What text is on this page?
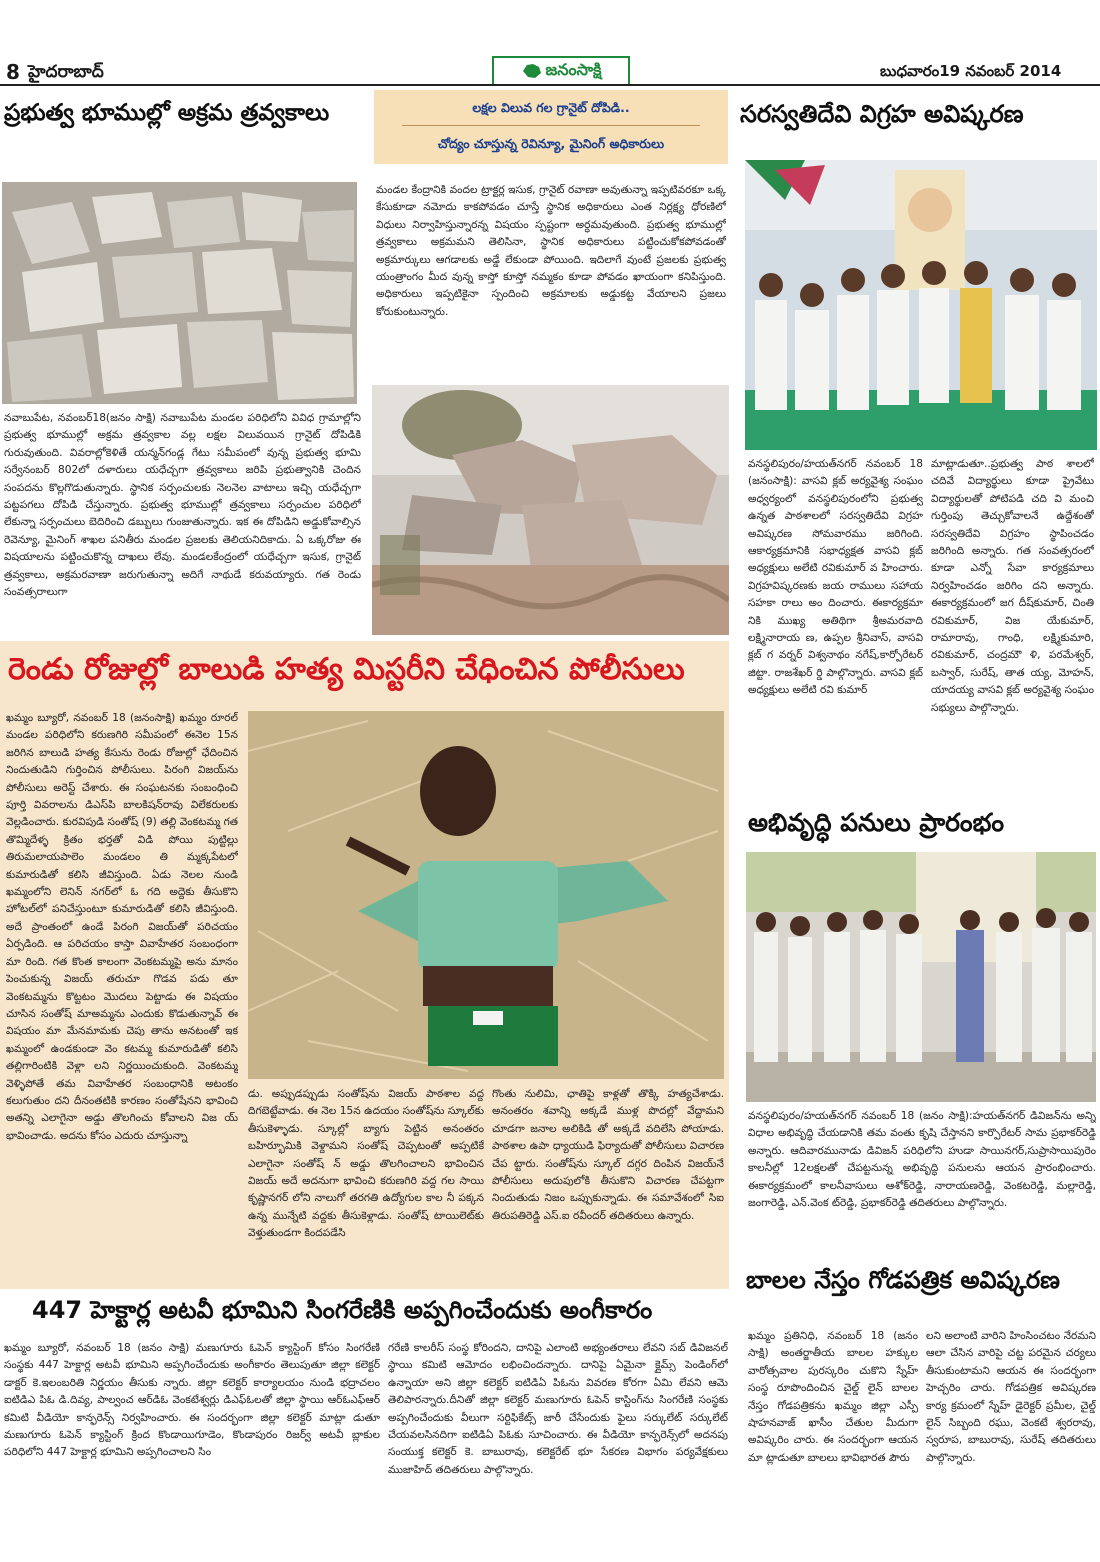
8 హైదరాబాద్‌	జనంసాక్షి	బుధవారం19 నవంబర్‌ 2014
ప్రభుత్వ భూముల్లో అక్రమ త్రవ్వకాలు	లక్షల విలువ గల గ్రానైట్‌ దోపిడి..
చోద్యం చూస్తున్న రెవిన్యూ, మైనింగ్‌ అధికారులు
నవాబుపేట, నవంబర్‌18(జనం సాక్షి) నవాబుపేట మండల పరిధిలోని వివిధ గ్రామాల్లోని ప్రభుత్వ భూముల్లో అక్రమ త్రవ్వకాల వల్ల లక్షల విలువయిన గ్రానైట్‌ దోపిడికి గురువుతుంది. వివరాల్లోకెళితే యన్మన్‌గండ్ల గేటు సమీపంలో వున్న ప్రభుత్వ భూమి సర్వేనంబర్‌ 802లో దళారులు యధేచ్చగా త్రవ్వకాలు జరిపి ప్రభుత్వానికి చెందిన సంపదను కొల్లగొడుతున్నారు. స్థానిక సర్పంచులకు నెలనెల వాటాలు ఇచ్చి యధేచ్చగా పట్టపగలు దోపిడి చేస్తున్నారు. ప్రభుత్వ భూముల్లో త్రవ్వకాలు సర్పంచుల పరిధిలో లేకున్నా సర్పంచులు బెదిరించి డబ్బులు గుంజుతున్నారు. ఇక ఈ దోపిడిని అడ్డుకోవాల్సిన రెవెన్యూ, మైనింగ్‌ శాఖల పనితీరు మండల ప్రజలకు తెలియనిదికాదు. ఏ ఒక్కరోజు ఈ విషయాలను పట్టించుకొన్న దాఖలు లేవు. మండలకేంద్రంలో యధేచ్చగా ఇసుక, గ్రానైట్‌ త్రవ్వకాలు, అక్రమరవాణా జరుగుతున్నా అదిగే నాథుడే కరువయ్యారు. గత రెండు సంవత్సరాలుగా
మండల కేంద్రానికి వందల ట్రాక్టర్ల ఇసుక, గ్రానైట్‌ రవాణా అవుతున్నా ఇప్పటివరకూ ఒక్క కేసుకూడా నమోదు కాకపోవడం చూస్తే స్థానిక అధికారులు ఎంత నిర్లక్ష్య ధోరణిలో విధులు నిర్వాహిస్తున్నారన్న విషయం స్పష్టంగా అర్ధమవుతుంది. ప్రభుత్వ భూముల్లో త్రవ్వకాలు అక్రమమని తెలిసినా, స్థానిక అధికారులు పట్టించుకోకపోవడంతో అక్రమార్కులు ఆగడాలకు అడ్డే లేకుండా పోయింది. ఇదిలాగే వుంటే ప్రజలకు ప్రభుత్వ యంత్రాంగం మీద వున్న కాస్తో కూస్తో నమ్మకం కూడా పోవడం ఖాయంగా కనిపిస్తుంది. అధికారులు ఇప్పటికైనా స్పందించి అక్రమాలకు అడ్డుకట్ట వేయాలని ప్రజలు కోరుకుంటున్నారు.
సరస్వతిదేవి విగ్రహ అవిష్కరణ
వనస్థలిపురం/హయత్‌నగర్‌ నవంబర్‌ 18 (జనంసాక్షి): వాసవి క్లబ్‌ అర్యవైశ్య సంఘం అధ్వర్యంలో వనస్థలిపురంలోని ప్రభుత్వ ఉన్నత పాఠశాలలో సరస్వతిదేవి విగ్రహ అవిష్కరణ సోమవారము జరిగింది. ఆకార్యక్రమానికి సభాధ్యక్షత వాసవి క్లబ్‌ అధ్యక్షులు అలేటి రవికుమార్‌ వ హించారు. విగ్రహవిష్కరణకు జయ రాములు సహాయ సహకా రాలు అం దించారు. ఈకార్యక్రమా నికి ముఖ్య అతిథిగా శ్రీఅమరవాది లక్ష్మినారాయ ణ, ఉప్పల శ్రీనివాస్‌, వాసవి క్లబ్‌ గ వర్నర్‌ విశ్వనాథం నగేష్‌,కార్పోరేటర్‌ జిట్టా. రాజశేఖర్‌ ర్డి పాల్గొన్నారు. వాసవి క్లబ్‌ అధ్యక్షులు అలేటి రవి కుమార్‌
మాట్లాడుతూ..ప్రభుత్వ పాఠ శాలలో చదివే విద్యార్థులు కూడా ప్రైవేటు విద్యార్థులతో పోటిపడి చది వి మంచి గుర్తింపు తెచ్చుకోవాలనే ఉద్దేశంతో సరస్వతిదేవి విగ్రహం స్థాపించడం జరిగింది అన్నారు. గత సంవత్సరంలో కూడా ఎన్నో సేవా కార్యక్రమాలు నిర్వహించడం జరిగిం దని అన్నారు. ఈకార్యక్రమంలో జగ దీష్‌కుమార్‌, చింతి రవికుమార్‌, విజ యేకుమార్‌, రామారావు, గాంధి, లక్ష్మికుమారి, రవికుమార్‌, చంద్రమౌ ళి, పరమేశ్వర్‌, బస్వార్‌, సురేష్‌, తాత య్య, మోహన్‌, యాదయ్య వాసవి క్లబ్‌ అర్యవైశ్య సంఘం సభ్యులు పాల్గొన్నారు.
రెండు రోజుల్లో బాలుడి హత్య మిస్టరీని చేధించిన పోలీసులు
ఖమ్మం బ్యూరో, నవంబర్‌ 18 (జనంసాక్షి) ఖమ్మం రూరల్‌ మండల పరిధిలోని కరుణగిరి సమీపంలో ఈనెల 15న జరిగిన బాలుడి హత్య కేసును రెండు రోజుల్లో ఛేదించిన నిందుతుడిని గుర్తించిన పోలీసులు. పిరంగి విజయ్‌ను పోలీసులు అరెస్ట్‌ చేశారు. ఈ సంఘటనకు సంబంధించి పూర్తి వివరాలను డిఎస్‌పి బాలకిషన్‌రావు విలేకరులకు వెల్లడించారు. కురవిపుడి సంతోష్‌ (9) తల్లి వెంకటమ్మ గత తొమ్మిదేళ్ళ క్రితం భర్తతో విడి పోయి పుట్టిల్లు తిరుమలాయపాలెం మండలం తి మ్మక్కపేటలో కుమారుడితో కలిసి జీవిస్తుంది. ఏడు నెలల నుండి ఖమ్మంలోని లెనిన్‌ నగర్‌లో ఓ గది అద్దెకు తీసుకొని హోటల్‌లో పనిచేస్తుంటూ కుమారుడితో కలిసి జీవిస్తుంది. అదే ప్రాంతంలో ఉండే పిరంగి విజయ్‌తో పరిచయం ఏర్పడింది. ఆ పరిచయం కాస్తా వివాహేతర సంబంధంగా మా రింది. గత కొంత కాలంగా వెంకటమ్మపై అను మానం పెంచుకున్న విజయ్‌ తరుచూ గొడవ పడు తూ వెంకటమ్మను కొట్టటం మొదలు పెట్టాడు ఈ విషయం చూసిన సంతోష్‌ మాఅమ్మను ఎందుకు కొడుతున్నావ్‌ ఈ విషయం మా మేనమామకు చెపు తాను అనటంతో ఇక ఖమ్మంలో ఉండకుండా వెం కటమ్మ కుమారుడితో కలిసి తల్లిగారింటికి వెళ్లా లని నిర్ణయించుకుంది. వెంకటమ్మ వెళ్ళిపోతే తమ వివాహేతర సంబంధానికి అటంకం కలుగుతుం దని దీనంతటికి కారణం సంతోషేనని భావించి అతన్ని ఎలాగైనా అడ్డు తొలగించు కోవాలని విజ య్‌ భావించాడు. అదను కోసం ఎదురు చూస్తున్నా
డు. అప్పుడప్పుడు సంతోష్‌ను విజయ్‌ పాఠశాల వద్ద దిగబెట్టేవాడు. ఈ నెల 15న ఉదయం సంతోష్‌ను స్కూల్‌కు తీసుకెళ్ళాడు. స్కూల్లో బ్యాగు పెట్టిన అనంతరం బహిర్భూమికి వెళ్దామని సంతోష్‌ చెప్పటంతో అప్పటికే ఎలాగైనా సంతోష్‌ న్‌ అడ్డు తొలగించాలని భావించిన విజయ్‌ అదే అదనుగా భావించి కరుణగిరి వద్ద గల సాయి కృష్ణానగర్‌ లోని నాలుగో తరగతి ఉద్యోగుల కాల నీ పక్కన ఉన్న మున్నేటి వద్దకు తీసుకెళ్లాడు. సంతోష్‌ టాయిలెట్‌కు వెళ్తుతుండగా కిందపడేసి
గొంతు నులిమి, ఛాతిపై కాళ్లతో తొక్కి హత్యచేశాడు. అనంతరం శవాన్ని అక్కడే ముళ్ల పొదల్లో వేద్దామని చూడగా జనాల అలికిడి తో అక్కడే వదిలేసి పోయాడు. పాఠశాల ఉపా ధ్యాయుడి ఫిర్యాదుతో పోలీసులు విచారణ చేప ట్టారు. సంతోష్‌ను స్కూల్‌ దగ్గర దింపిన విజయ్‌నే పోలీసులు అదుపులోకి తీసుకొని విచారణ చేపట్టగా నిందుతుడు నిజం ఒప్పుకున్నాడు. ఈ సమావేశంలో సిఐ తిరుపతిరెడ్డి ఎస్‌.ఐ రవీందర్‌ తదితరులు ఉన్నారు.
అభివృద్ధి పనులు ప్రారంభం
వనస్థలిపురం/హయత్‌నగర్‌ నవంబర్‌ 18 (జనం సాక్షి):హయత్‌నగర్‌ డివిజన్‌ను అన్ని విధాల అభివృద్ధి చేయడానికి తమ వంతు కృషి చేస్తానని కార్పొరేటర్‌ సామ ప్రభాకర్‌రెడ్డి అన్నారు. ఆదివారమునాడు డివిజన్‌ పరిధిలోని హుడా సాయినగర్‌,సుప్రాసాయిపురెం కాలనీల్లో 12లక్షలతో చేపట్టనున్న అభివృద్ధి పనులను ఆయన ప్రారంభించారు. ఈకార్యక్రమంలో కాలనీవాసులు ఆశోక్‌రెడ్డి, నారాయణరెడ్డి, వెంకటరెడ్డి, మల్లారెడ్డి, జంగారెడ్డి, ఎన్‌.వెంక ట్‌రెడ్డి, ప్రభాకర్‌రెడ్డి తదితరులు పాల్గొన్నారు.
447 హెక్టార్ల అటవీ భూమిని సింగరేణికి అప్పగించేందుకు అంగీకారం
ఖమ్మం బ్యూరో, నవంబర్‌ 18 (జనం సాక్షి) మణుగూరు ఓపెన్‌ క్యాస్టింగ్‌ కోసం సింగరేణి సంస్థకు 447 హెక్టార్ల అటవీ భూమిని అప్పగించేందుకు అంగీకారం తెలుపుతూ జిల్లా కలెక్టర్‌ డాక్టర్‌ కె.ఇలంబరితి నిర్ణయం తీసుకు న్నారు. జిల్లా కలెక్టర్‌ కార్యాలయం నుండి భద్రాచలం ఐటిడిఎ పిఓ డి.దివ్య, పాల్వంచ ఆర్‌డిఓ వెంకటేశ్వర్లు డిఎఫ్‌ఓలతో జిల్లా స్థాయి ఆర్‌ఓఎఫ్‌ఆర్‌ కమిటి వీడియో కాన్ఫరెన్స్‌ నిర్వహించారు. ఈ సందర్భంగా జిల్లా కలెక్టర్‌ మాట్లా డుతూ మణుగూరు ఓపెన్‌ క్యాస్టింగ్‌ క్రింద కొండాయిగూడెం, కొండాపురం రిజర్వ్‌ అటవీ బ్లాకుల పరిధిలోని 447 హెక్టార్ల భూమిని అప్పగించాలని సిం
గరేణి కాలరీస్‌ సంస్థ కోరిందని, దానిపై ఎలాంటి అభ్యంతరాలు లేవని సబ్‌ డివిజనల్‌ స్థాయి కమిటి ఆమోదం లభించిందన్నారు. దానిపై ఏమైనా క్లైమ్స్‌ పెండింగ్‌లో ఉన్నాయా అని జిల్లా కలెక్టర్‌ ఐటిడిఏ పిఓను వివరణ కోరగా ఏమి లేవని ఆమె తెలిపారన్నారు.దీనితో జిల్లా కలెక్టర్‌ మణుగూరు ఓపెన్‌ కాస్టింగ్‌ను సింగరేణి సంస్థకు అప్పగించేందుకు వీలుగా సర్టిఫికేట్స్‌ జారీ చేసేందుకు ఫైలు సర్కులేట్‌ సర్కులేట్‌ చేయవలసినదిగా ఐటిడిఏ పిఓకు సూచించారు. ఈ వీడియో కాన్ఫరెన్స్‌లో అదనపు సంయుక్త కలెక్టర్‌ కె. బాబురావు, కలెక్టరేట్‌ భూ సేకరణ విభాగం పర్యవేక్షకులు ముజాహిద్‌ తదితరులు పాల్గొన్నారు.
బాలల నేస్తం గోడపత్రిక అవిష్కరణ
ఖమ్మం ప్రతినిధి, నవంబర్‌ 18 (జనం సాక్షి) అంతర్జాతీయ బాలల హక్కుల వారోత్సవాల పురస్కరిం చుకొని స్నేహ్‌ సంస్థ రూపొందించిన చైల్డ్‌ లైన్‌ బాలల నేస్తం గోడపత్రికను ఖమ్మం జిల్లా ఎస్పీ షాహనవాజ్‌ ఖాసీం చేతుల మీదుగా అవిష్కరిం చారు. ఈ సందర్భంగా ఆయన మా ట్లాడుతూ బాలలు భావిభారత పౌరు
లని అలాంటి వారిని హింసించటం నేరమని ఆలా చేసిన వారిపై చట్ట పరమైన చర్యలు తీసుకుంటామని ఆయన ఈ సందర్భంగా హెచ్చరిం చారు. గోడపత్రిక అవిష్కరణ కార్య క్రమంలో స్నేహ్‌ డైరెక్టర్‌ ప్రమీల, చైల్డ్‌ లైన్‌ సిబ్బంది రఘు, వెంకటే శ్వరరావు, స్వరూప, బాబురావు, సురేష్‌ తదితరులు పాల్గొన్నారు.
